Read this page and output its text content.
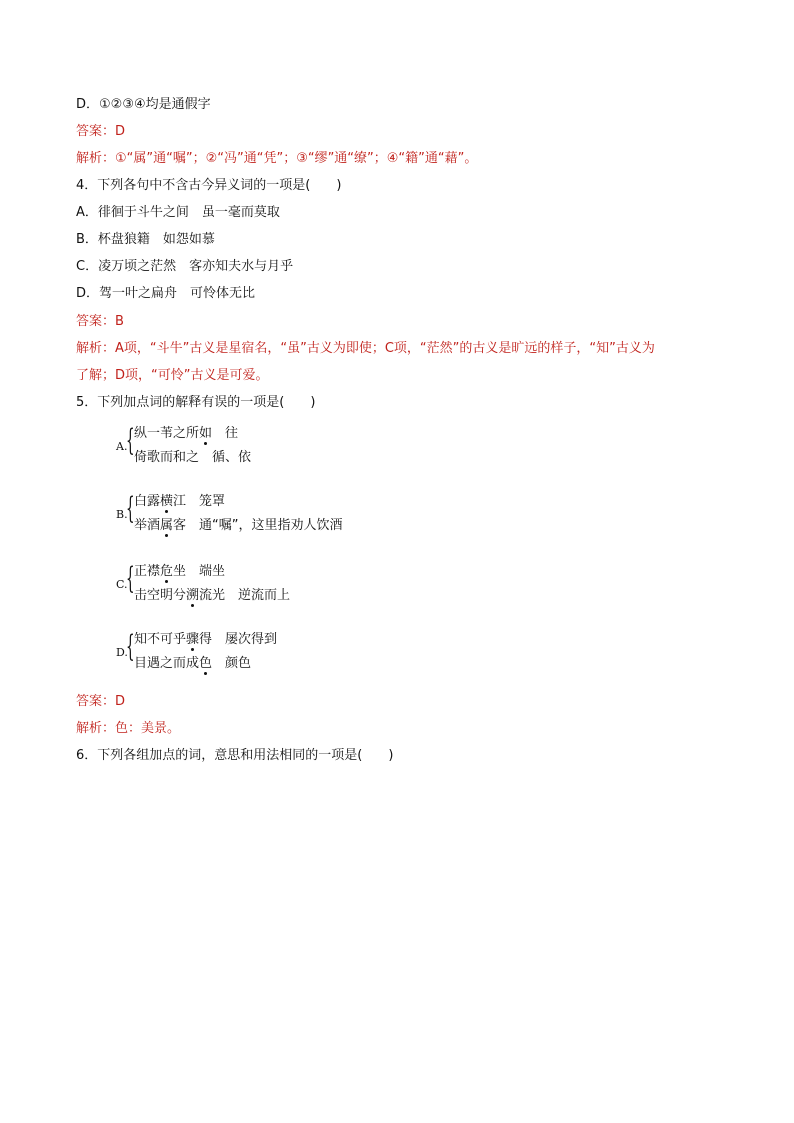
D．①②③④均是通假字
答案：D
解析：①“属”通“嘱”；②“冯”通“凭”；③“缪”通“缭”；④“籍”通“藉”。
4．下列各句中不含古今异义词的一项是(　　)
A．徘徊于斗牛之间　虽一毫而莫取
B．杯盘狼籍　如怨如慕
C．凌万顷之茫然　客亦知夫水与月乎
D．驾一叶之扁舟　可怜体无比
答案：B
解析：A项，“斗牛”古义是星宿名，“虽”古义为即使；C项，“茫然”的古义是旷远的样子，“知”古义为
了解；D项，“可怜”古义是可爱。
5．下列加点词的解释有误的一项是(　　)
A.
{ 纵一苇之所如　往
倚歌而和之　循、依
B.
{ 白露横江　笼罩
举酒属客　通“嘱”，这里指劝人饮酒
C.
{ 正襟危坐　端坐
击空明兮溯流光　逆流而上
D.
{ 知不可乎骤得　屡次得到
目遇之而成色　颜色
答案：D
解析：色：美景。
6．下列各组加点的词，意思和用法相同的一项是(　　)
